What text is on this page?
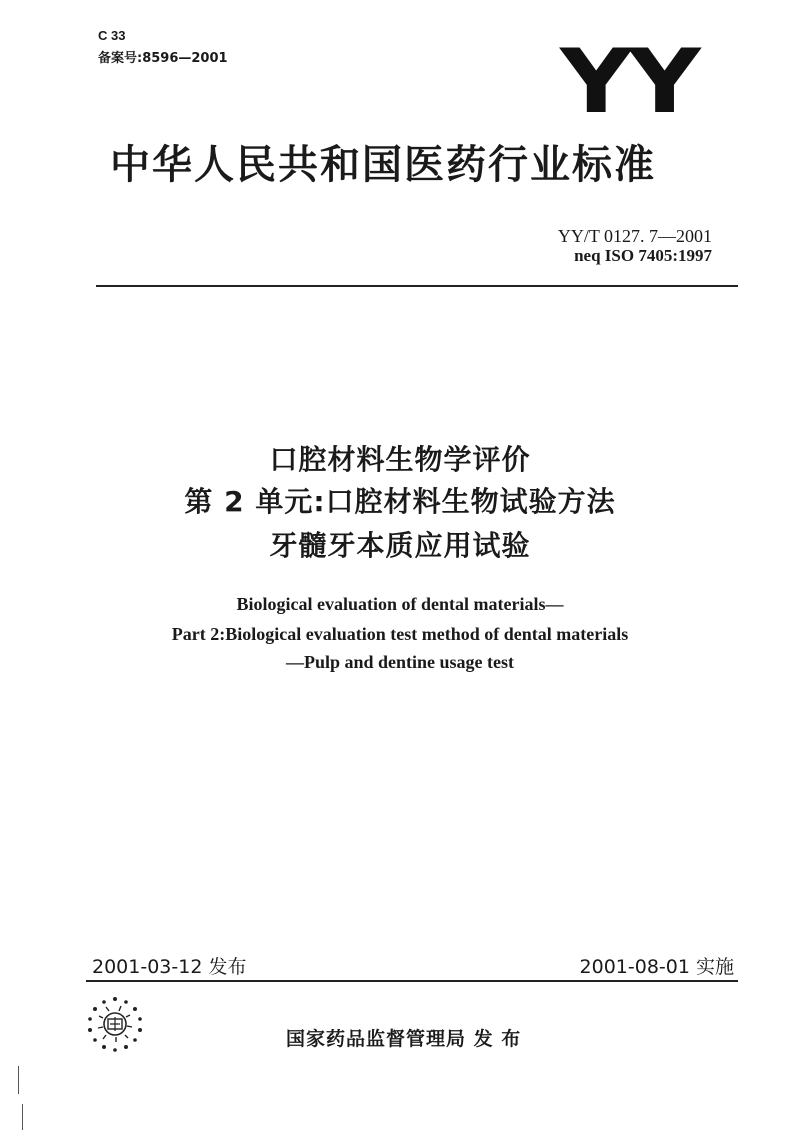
C 33
备案号:8596—2001	YY
中华人民共和国医药行业标准
YY/T 0127. 7—2001
neq ISO 7405:1997
口腔材料生物学评价
第 2 单元:口腔材料生物试验方法
牙髓牙本质应用试验
Biological evaluation of dental materials—
Part 2:Biological evaluation test method of dental materials
—Pulp and dentine usage test
2001-03-12 发布	2001-08-01 实施
国家药品监督管理局 发 布
